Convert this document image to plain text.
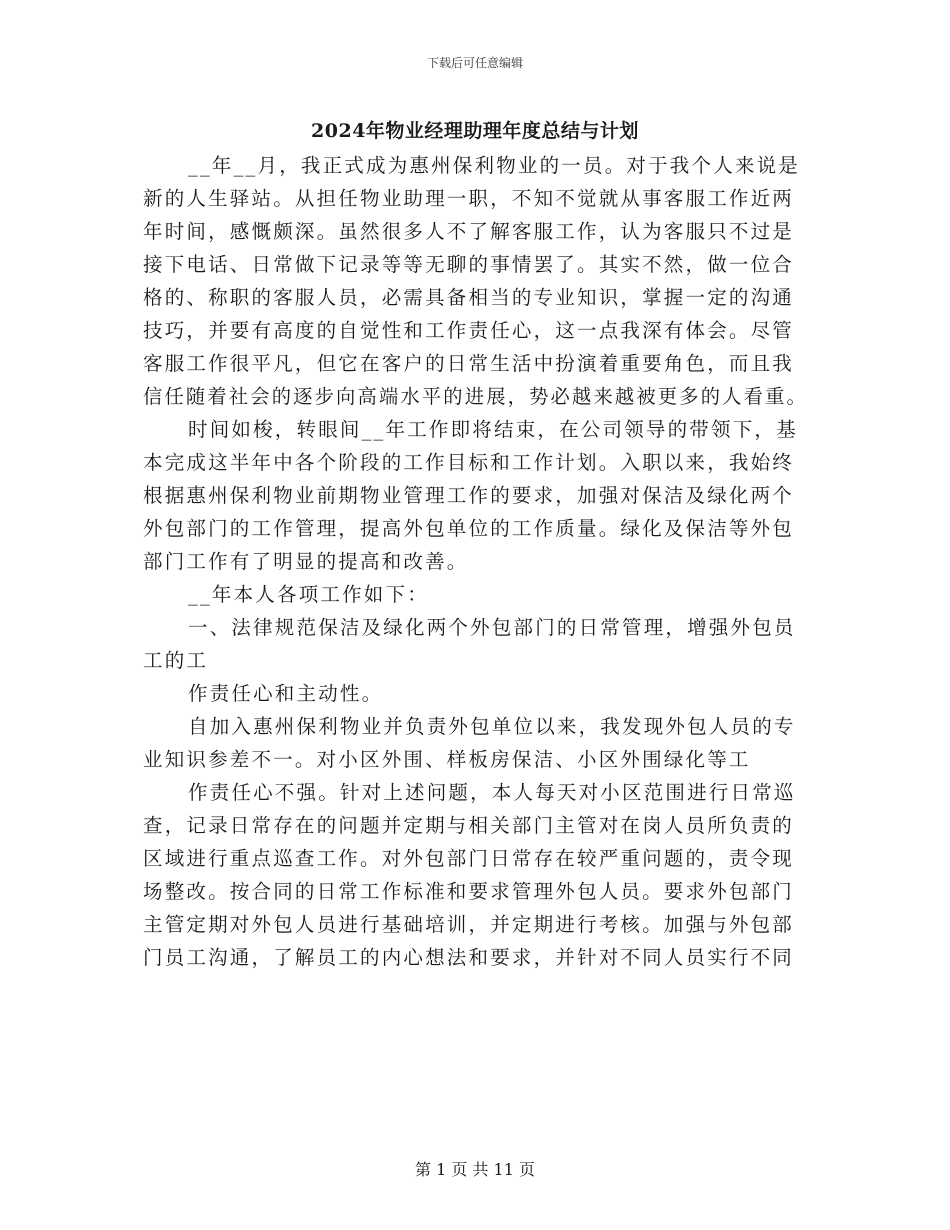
下载后可任意编辑
2024年物业经理助理年度总结与计划
__年__月，我正式成为惠州保利物业的一员。对于我个人来说是
新的人生驿站。从担任物业助理一职，不知不觉就从事客服工作近两
年时间，感慨颇深。虽然很多人不了解客服工作，认为客服只不过是
接下电话、日常做下记录等等无聊的事情罢了。其实不然，做一位合
格的、称职的客服人员，必需具备相当的专业知识，掌握一定的沟通
技巧，并要有高度的自觉性和工作责任心，这一点我深有体会。尽管
客服工作很平凡，但它在客户的日常生活中扮演着重要角色，而且我
信任随着社会的逐步向高端水平的进展，势必越来越被更多的人看重。
时间如梭，转眼间__年工作即将结束，在公司领导的带领下，基
本完成这半年中各个阶段的工作目标和工作计划。入职以来，我始终
根据惠州保利物业前期物业管理工作的要求，加强对保洁及绿化两个
外包部门的工作管理，提高外包单位的工作质量。绿化及保洁等外包
部门工作有了明显的提高和改善。
__年本人各项工作如下：
一、法律规范保洁及绿化两个外包部门的日常管理，增强外包员
工的工
作责任心和主动性。
自加入惠州保利物业并负责外包单位以来，我发现外包人员的专
业知识参差不一。对小区外围、样板房保洁、小区外围绿化等工
作责任心不强。针对上述问题，本人每天对小区范围进行日常巡
查，记录日常存在的问题并定期与相关部门主管对在岗人员所负责的
区域进行重点巡查工作。对外包部门日常存在较严重问题的，责令现
场整改。按合同的日常工作标准和要求管理外包人员。要求外包部门
主管定期对外包人员进行基础培训，并定期进行考核。加强与外包部
门员工沟通，了解员工的内心想法和要求，并针对不同人员实行不同
第 1 页 共 11 页
